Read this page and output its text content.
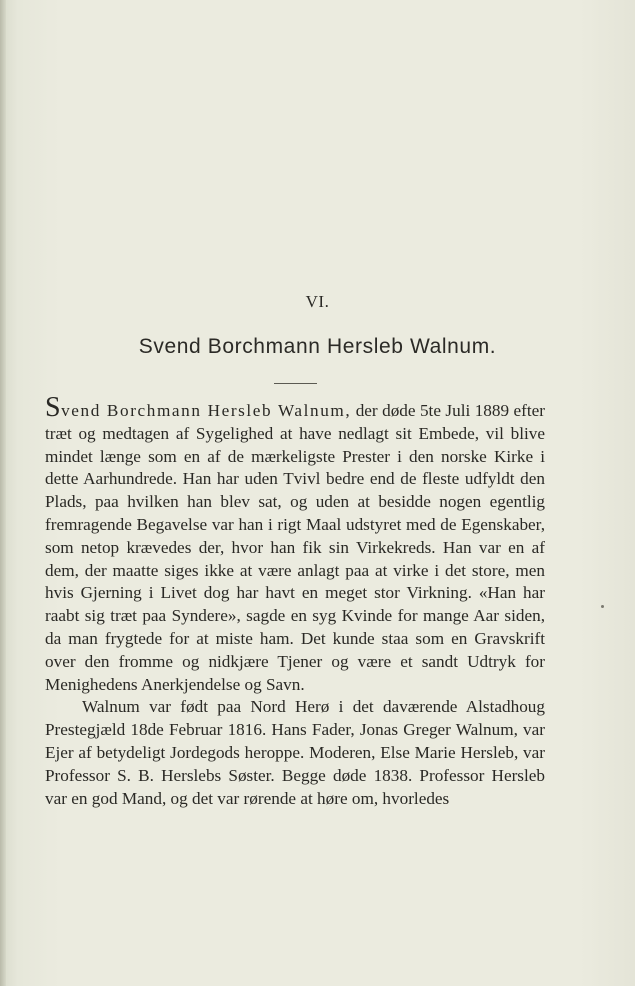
VI.
Svend Borchmann Hersleb Walnum.

Svend Borchmann Hersleb Walnum, der døde 5te Juli 1889 efter træt og medtagen af Sygelighed at have nedlagt sit Embede, vil blive mindet længe som en af de mærkeligste Prester i den norske Kirke i dette Aarhundrede. Han har uden Tvivl bedre end de fleste udfyldt den Plads, paa hvilken han blev sat, og uden at besidde nogen egentlig fremragende Begavelse var han i rigt Maal udstyret med de Egenskaber, som netop krævedes der, hvor han fik sin Virkekreds. Han var en af dem, der maatte siges ikke at være anlagt paa at virke i det store, men hvis Gjerning i Livet dog har havt en meget stor Virkning. «Han har raabt sig træt paa Syndere», sagde en syg Kvinde for mange Aar siden, da man frygtede for at miste ham. Det kunde staa som en Gravskrift over den fromme og nidkjære Tjener og være et sandt Udtryk for Menighedens Anerkjendelse og Savn.

Walnum var født paa Nord Herø i det daværende Alstadhoug Prestegjæld 18de Februar 1816. Hans Fader, Jonas Greger Walnum, var Ejer af betydeligt Jordegods heroppe. Moderen, Else Marie Hersleb, var Professor S. B. Herslebs Søster. Begge døde 1838. Professor Hersleb var en god Mand, og det var rørende at høre om, hvorledes
